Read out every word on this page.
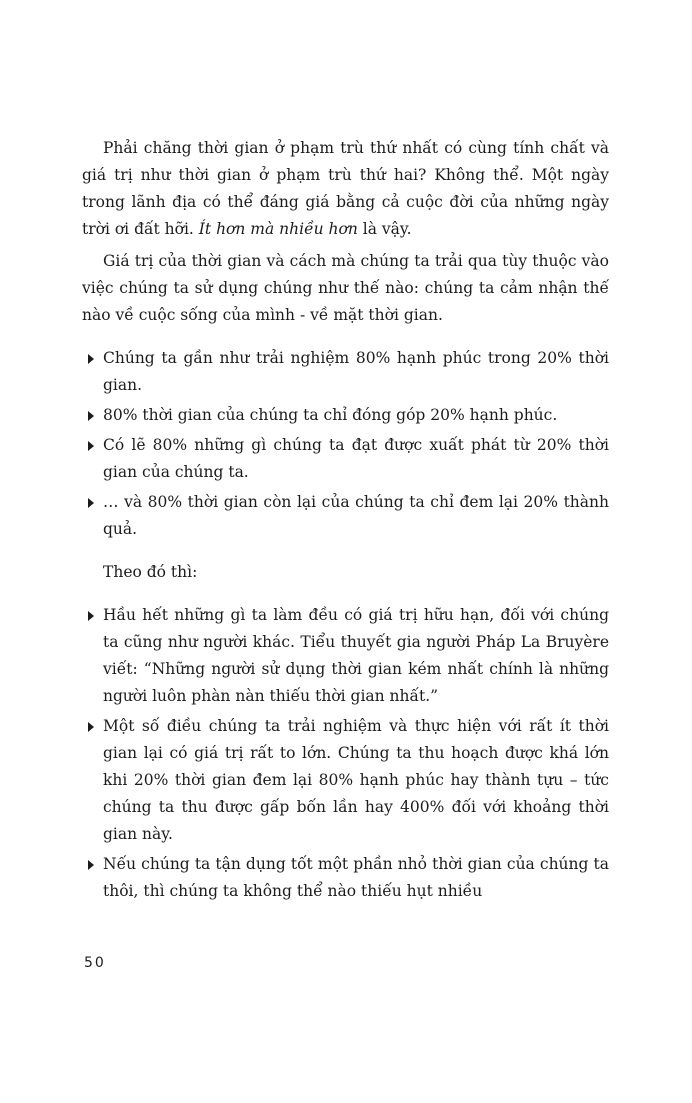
Phải chăng thời gian ở phạm trù thứ nhất có cùng tính chất và giá trị như thời gian ở phạm trù thứ hai? Không thể. Một ngày trong lãnh địa có thể đáng giá bằng cả cuộc đời của những ngày trời ơi đất hỡi. Ít hơn mà nhiều hơn là vậy.

Giá trị của thời gian và cách mà chúng ta trải qua tùy thuộc vào việc chúng ta sử dụng chúng như thế nào: chúng ta cảm nhận thế nào về cuộc sống của mình - về mặt thời gian.

Chúng ta gần như trải nghiệm 80% hạnh phúc trong 20% thời gian.
80% thời gian của chúng ta chỉ đóng góp 20% hạnh phúc.
Có lẽ 80% những gì chúng ta đạt được xuất phát từ 20% thời gian của chúng ta.
… và 80% thời gian còn lại của chúng ta chỉ đem lại 20% thành quả.

Theo đó thì:

Hầu hết những gì ta làm đều có giá trị hữu hạn, đối với chúng ta cũng như người khác. Tiểu thuyết gia người Pháp La Bruyère viết: “Những người sử dụng thời gian kém nhất chính là những người luôn phàn nàn thiếu thời gian nhất.”
Một số điều chúng ta trải nghiệm và thực hiện với rất ít thời gian lại có giá trị rất to lớn. Chúng ta thu hoạch được khá lớn khi 20% thời gian đem lại 80% hạnh phúc hay thành tựu – tức chúng ta thu được gấp bốn lần hay 400% đối với khoảng thời gian này.
Nếu chúng ta tận dụng tốt một phần nhỏ thời gian của chúng ta thôi, thì chúng ta không thể nào thiếu hụt nhiều
50
